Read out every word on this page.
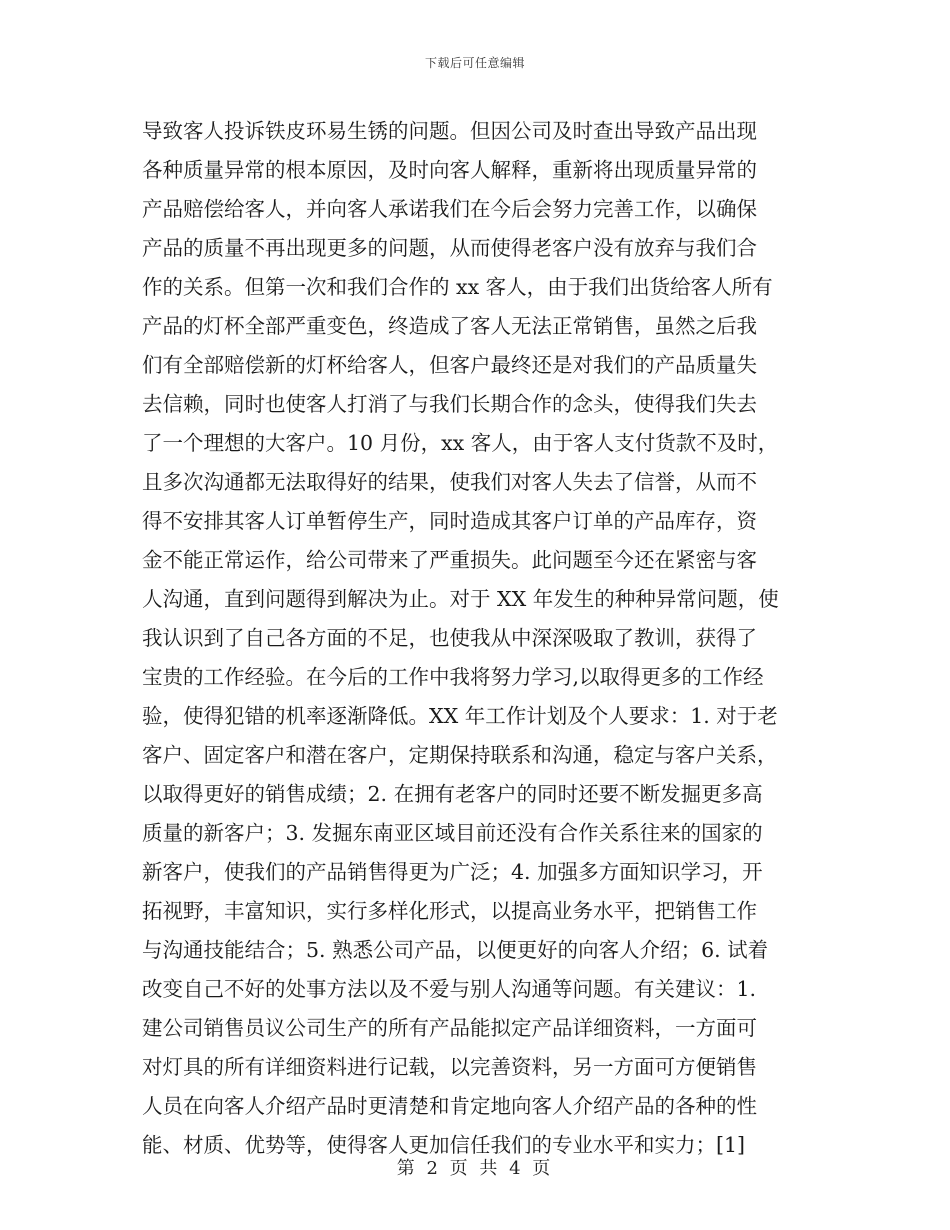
下载后可任意编辑
导致客人投诉铁皮环易生锈的问题。但因公司及时查出导致产品出现
各种质量异常的根本原因，及时向客人解释，重新将出现质量异常的
产品赔偿给客人，并向客人承诺我们在今后会努力完善工作，以确保
产品的质量不再出现更多的问题，从而使得老客户没有放弃与我们合
作的关系。但第一次和我们合作的 xx 客人，由于我们出货给客人所有
产品的灯杯全部严重变色，终造成了客人无法正常销售，虽然之后我
们有全部赔偿新的灯杯给客人，但客户最终还是对我们的产品质量失
去信赖，同时也使客人打消了与我们长期合作的念头，使得我们失去
了一个理想的大客户。10 月份，xx 客人，由于客人支付货款不及时，
且多次沟通都无法取得好的结果，使我们对客人失去了信誉，从而不
得不安排其客人订单暂停生产，同时造成其客户订单的产品库存，资
金不能正常运作，给公司带来了严重损失。此问题至今还在紧密与客
人沟通，直到问题得到解决为止。对于 XX 年发生的种种异常问题，使
我认识到了自己各方面的不足，也使我从中深深吸取了教训，获得了
宝贵的工作经验。在今后的工作中我将努力学习,以取得更多的工作经
验，使得犯错的机率逐渐降低。XX 年工作计划及个人要求：1. 对于老
客户、固定客户和潜在客户，定期保持联系和沟通，稳定与客户关系，
以取得更好的销售成绩；2. 在拥有老客户的同时还要不断发掘更多高
质量的新客户；3. 发掘东南亚区域目前还没有合作关系往来的国家的
新客户，使我们的产品销售得更为广泛；4. 加强多方面知识学习，开
拓视野，丰富知识，实行多样化形式，以提高业务水平，把销售工作
与沟通技能结合；5. 熟悉公司产品，以便更好的向客人介绍；6. 试着
改变自己不好的处事方法以及不爱与别人沟通等问题。有关建议：1.
建公司销售员议公司生产的所有产品能拟定产品详细资料，一方面可
对灯具的所有详细资料进行记载，以完善资料，另一方面可方便销售
人员在向客人介绍产品时更清楚和肯定地向客人介绍产品的各种的性
能、材质、优势等，使得客人更加信任我们的专业水平和实力；[1]
第 2 页 共 4 页
